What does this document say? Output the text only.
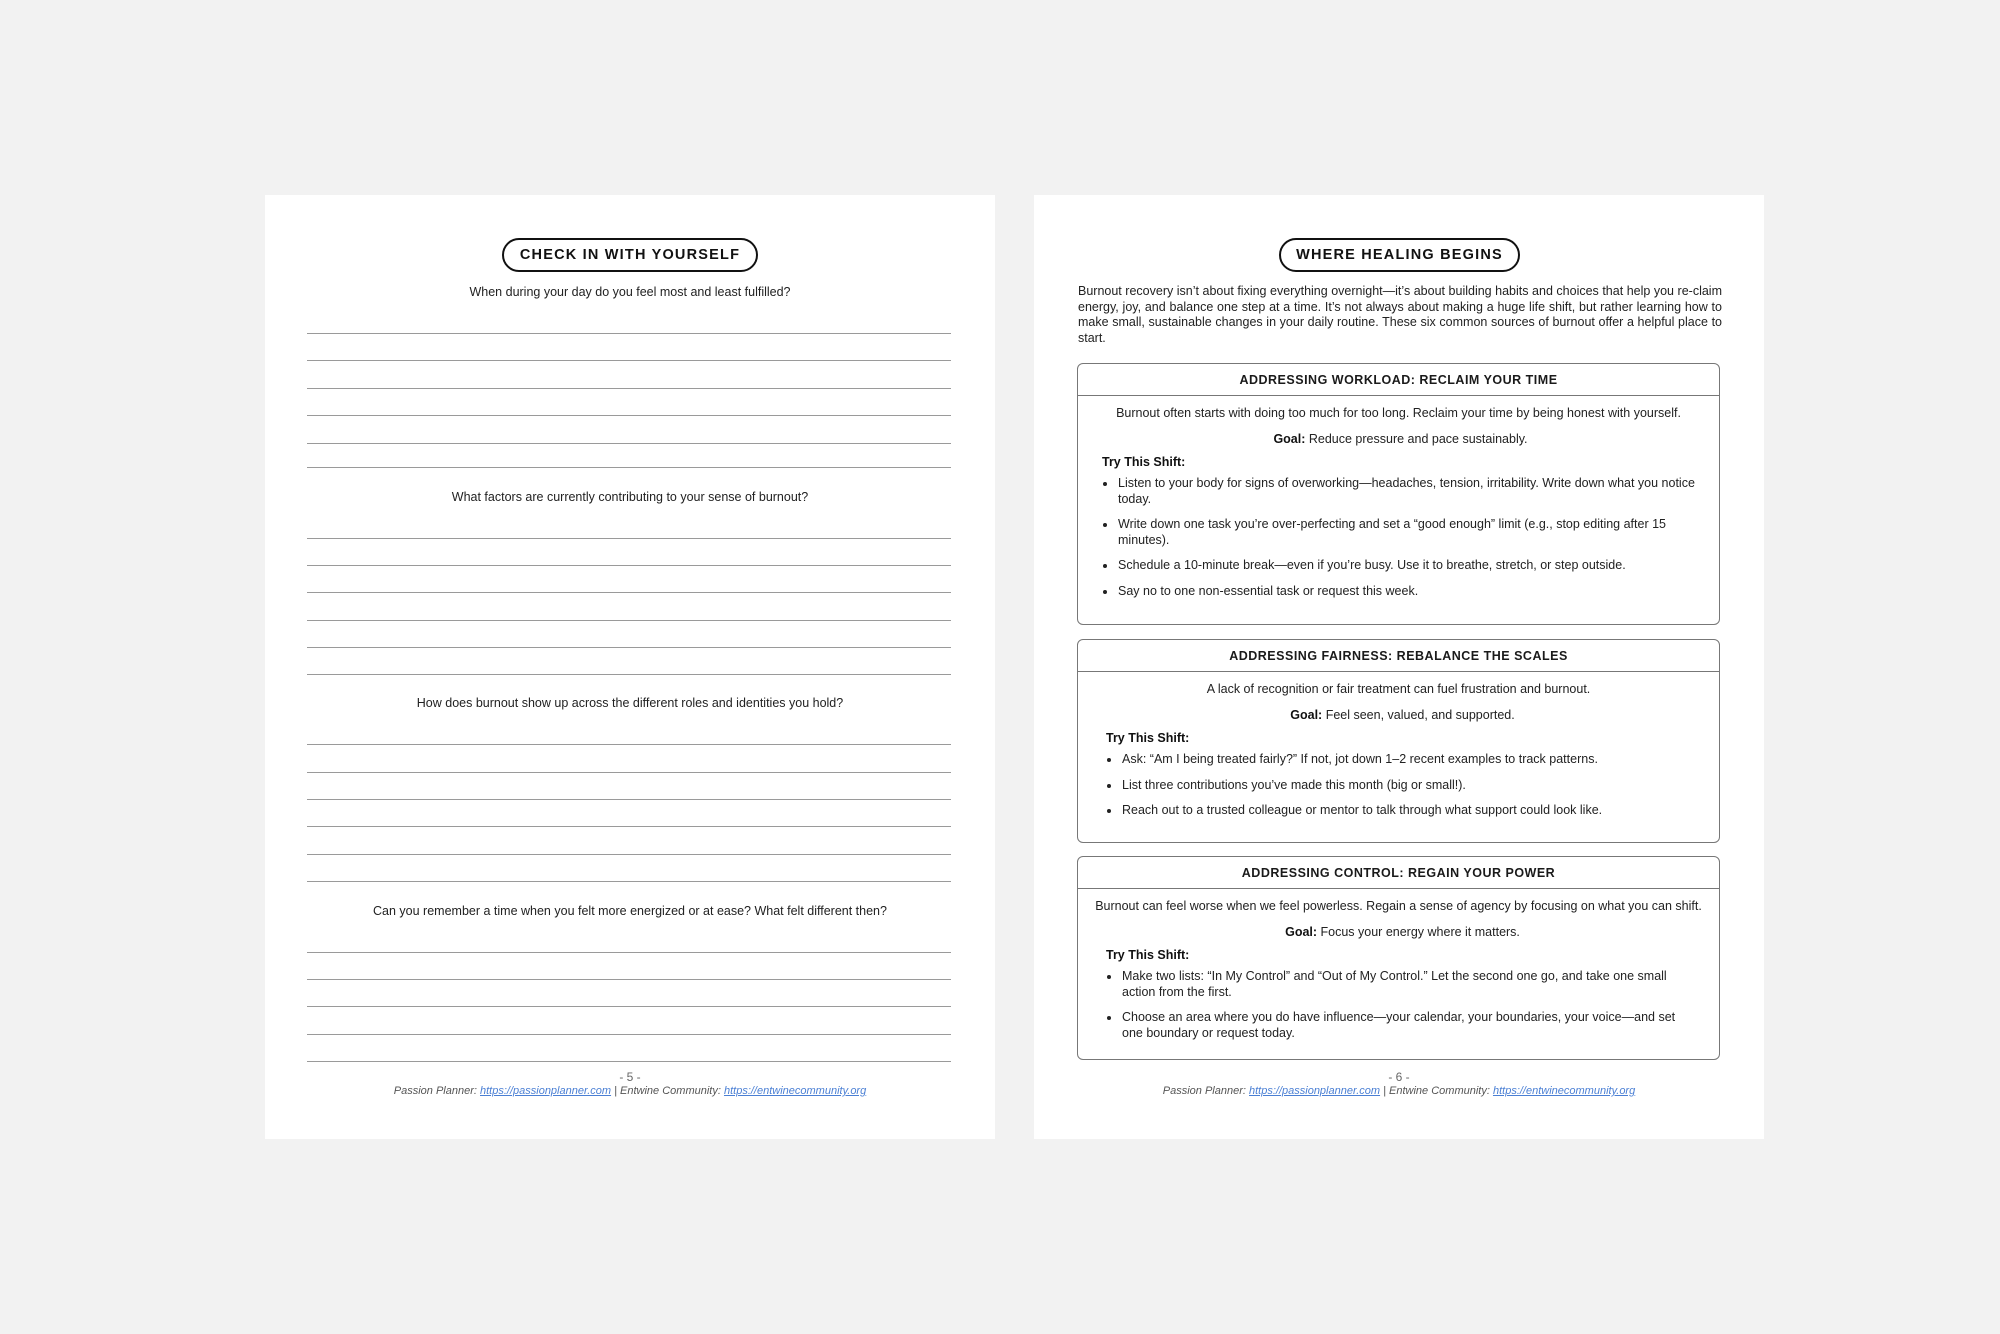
CHECK IN WITH YOURSELF
When during your day do you feel most and least fulfilled?
What factors are currently contributing to your sense of burnout?
How does burnout show up across the different roles and identities you hold?
Can you remember a time when you felt more energized or at ease? What felt different then?
- 5 -
Passion Planner: https://passionplanner.com | Entwine Community: https://entwinecommunity.org
WHERE HEALING BEGINS
Burnout recovery isn’t about fixing everything overnight—it’s about building habits and choices that help you re-claim energy, joy, and balance one step at a time. It’s not always about making a huge life shift, but rather learning how to make small, sustainable changes in your daily routine. These six common sources of burnout offer a helpful place to start.
ADDRESSING WORKLOAD: RECLAIM YOUR TIME
Burnout often starts with doing too much for too long. Reclaim your time by being honest with yourself.
Goal: Reduce pressure and pace sustainably.
Try This Shift:
Listen to your body for signs of overworking—headaches, tension, irritability. Write down what you notice today.
Write down one task you’re over-perfecting and set a “good enough” limit (e.g., stop editing after 15 minutes).
Schedule a 10-minute break—even if you’re busy. Use it to breathe, stretch, or step outside.
Say no to one non-essential task or request this week.
ADDRESSING FAIRNESS: REBALANCE THE SCALES
A lack of recognition or fair treatment can fuel frustration and burnout.
Goal: Feel seen, valued, and supported.
Try This Shift:
Ask: “Am I being treated fairly?” If not, jot down 1–2 recent examples to track patterns.
List three contributions you’ve made this month (big or small!).
Reach out to a trusted colleague or mentor to talk through what support could look like.
ADDRESSING CONTROL: REGAIN YOUR POWER
Burnout can feel worse when we feel powerless. Regain a sense of agency by focusing on what you can shift.
Goal: Focus your energy where it matters.
Try This Shift:
Make two lists: “In My Control” and “Out of My Control.” Let the second one go, and take one small action from the first.
Choose an area where you do have influence—your calendar, your boundaries, your voice—and set one boundary or request today.
- 6 -
Passion Planner: https://passionplanner.com | Entwine Community: https://entwinecommunity.org
